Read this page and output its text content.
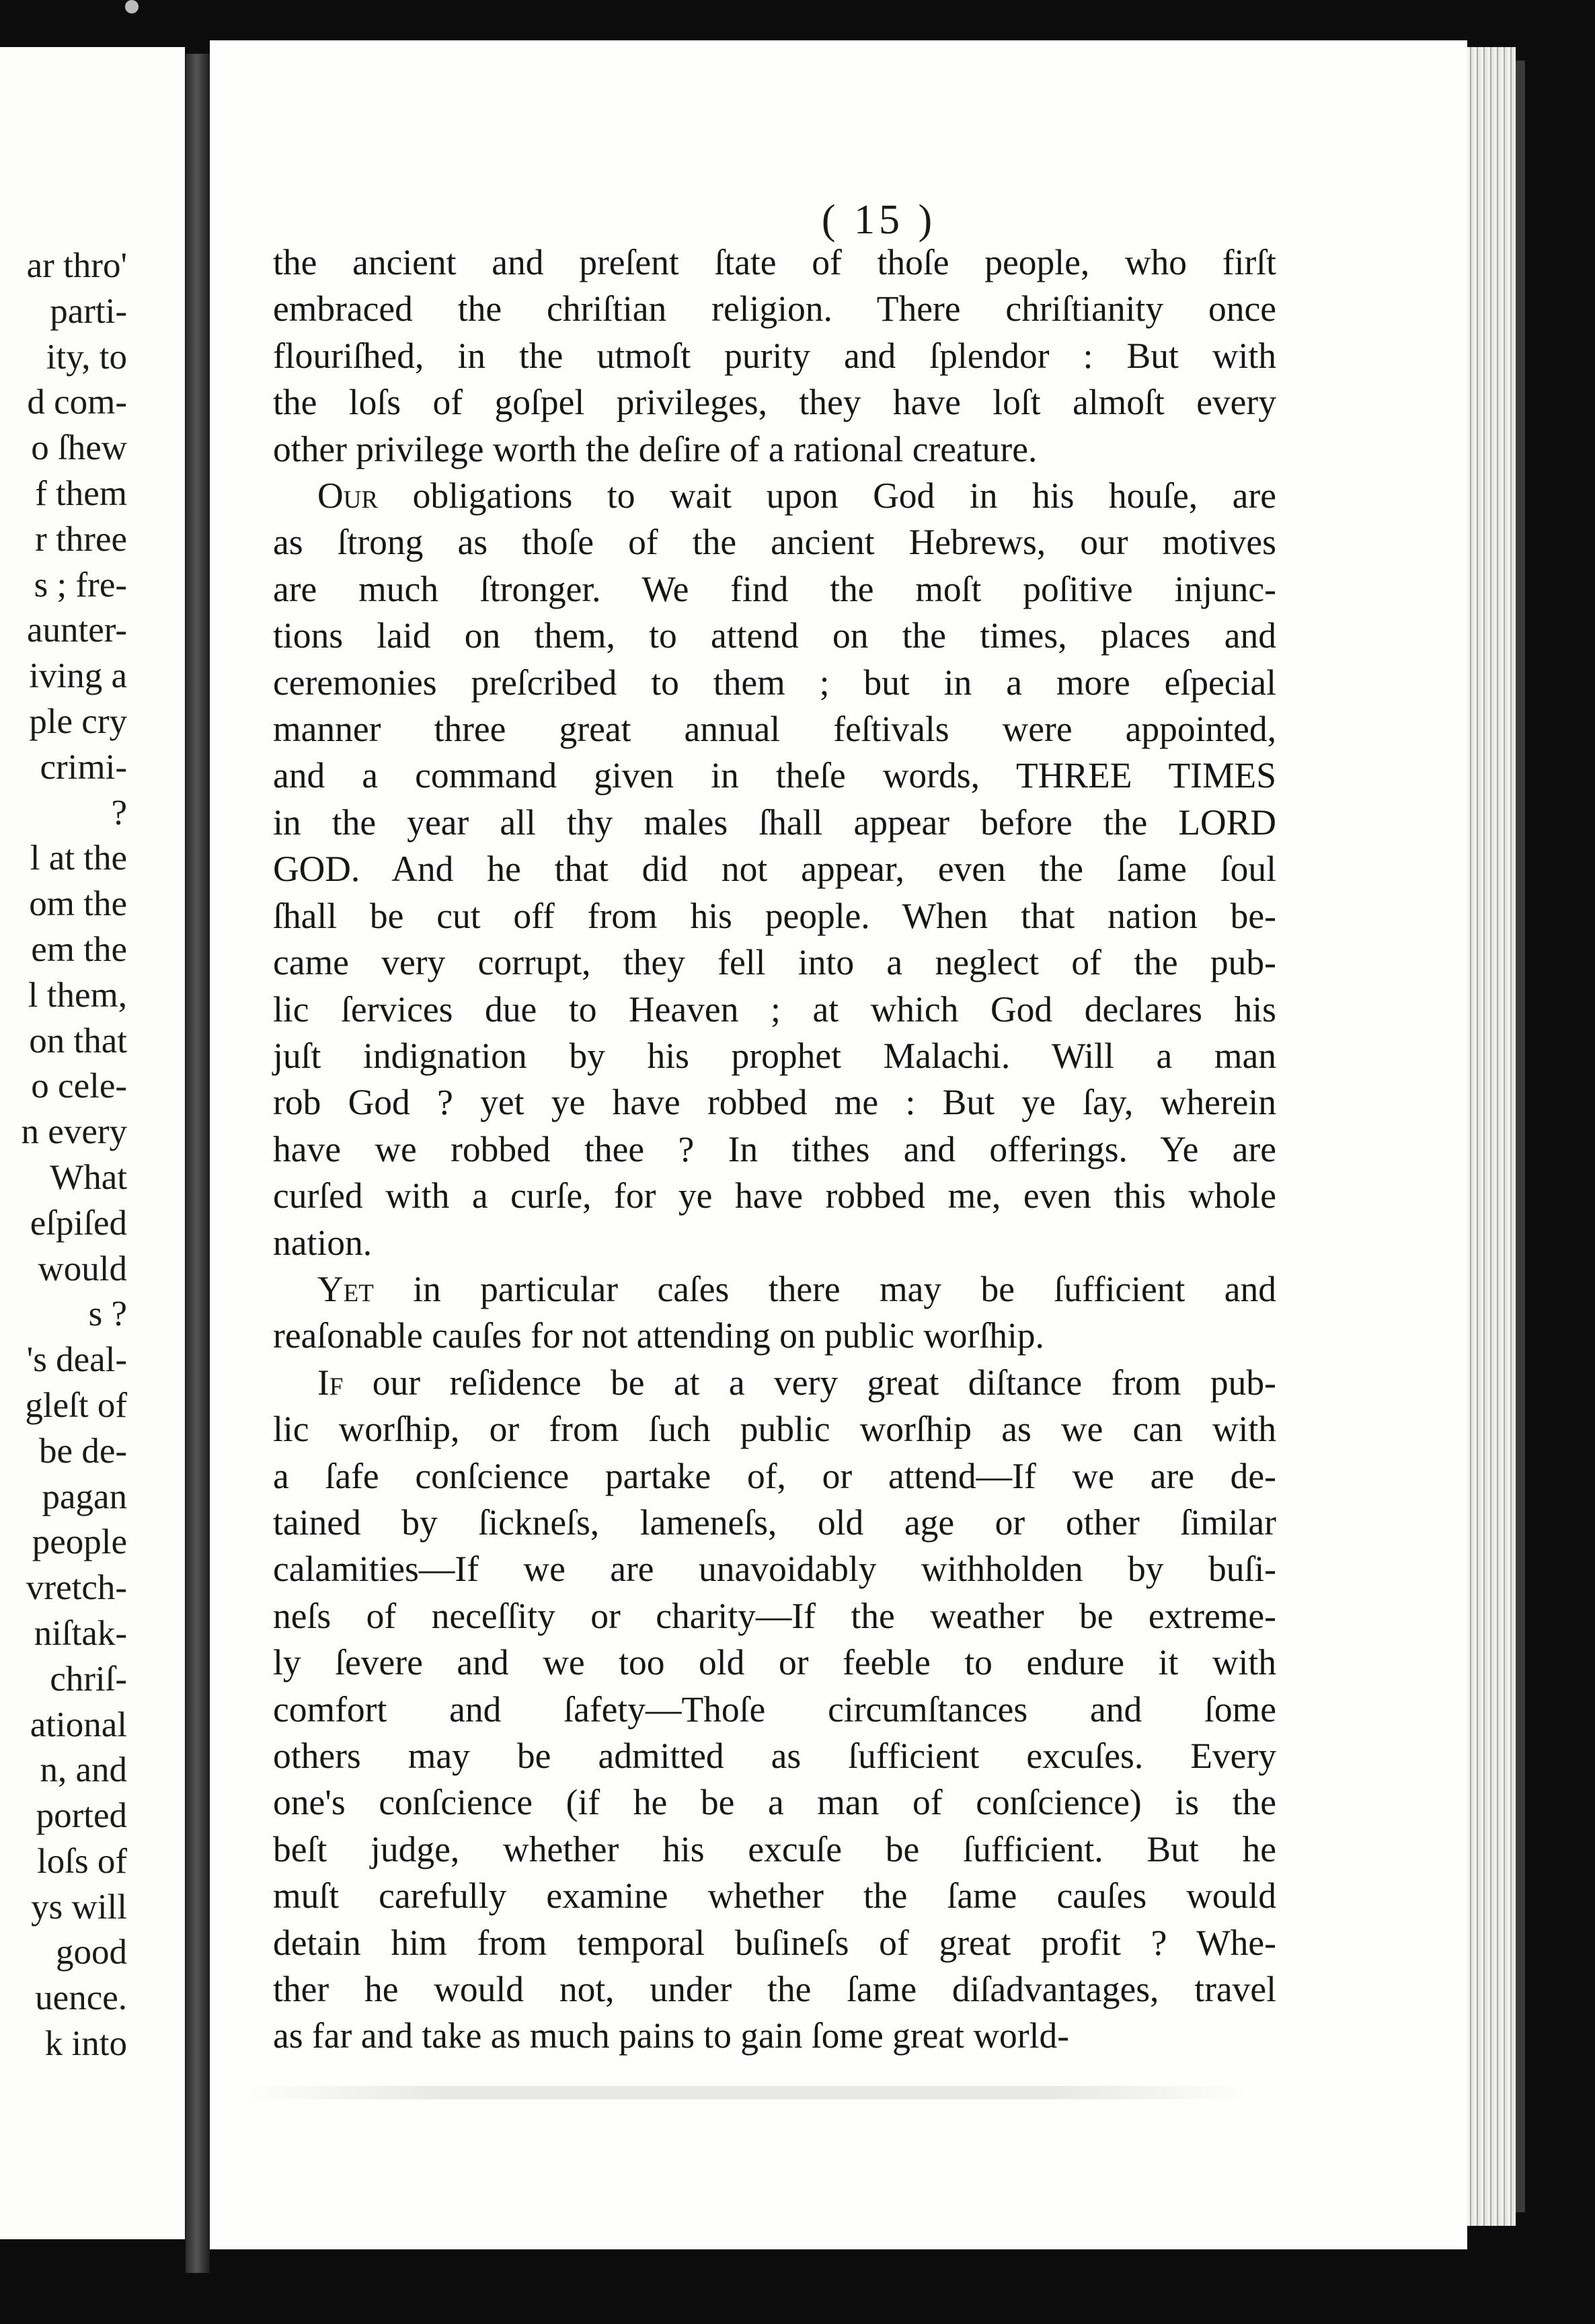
ar thro'
parti-
ity, to
d com-
o ſhew
f them
r three
s ; fre-
aunter-
iving a
ple cry
crimi-
?
l at the
om the
em the
l them,
on that
o cele-
n every
What
eſpiſed
would
s ?
's deal-
gleſt of
be de-
pagan
people
vretch-
niſtak-
chriſ-
ational
n, and
ported
loſs of
ys will
good
uence.
k into
( 15 )

the ancient and preſent ſtate of thoſe people, who firſt
embraced the chriſtian religion. There chriſtianity once
flouriſhed, in the utmoſt purity and ſplendor : But with
the loſs of goſpel privileges, they have loſt almoſt every
other privilege worth the deſire of a rational creature.

Our obligations to wait upon God in his houſe, are
as ſtrong as thoſe of the ancient Hebrews, our motives
are much ſtronger. We find the moſt poſitive injunc-
tions laid on them, to attend on the times, places and
ceremonies preſcribed to them ; but in a more eſpecial
manner three great annual feſtivals were appointed,
and a command given in theſe words, THREE TIMES
in the year all thy males ſhall appear before the LORD
GOD. And he that did not appear, even the ſame ſoul
ſhall be cut off from his people. When that nation be-
came very corrupt, they fell into a neglect of the pub-
lic ſervices due to Heaven ; at which God declares his
juſt indignation by his prophet Malachi. Will a man
rob God ? yet ye have robbed me : But ye ſay, wherein
have we robbed thee ? In tithes and offerings. Ye are
curſed with a curſe, for ye have robbed me, even this whole
nation.

Yet in particular caſes there may be ſufficient and
reaſonable cauſes for not attending on public worſhip.

If our reſidence be at a very great diſtance from pub-
lic worſhip, or from ſuch public worſhip as we can with
a ſafe conſcience partake of, or attend—If we are de-
tained by ſickneſs, lameneſs, old age or other ſimilar
calamities—If we are unavoidably withholden by buſi-
neſs of neceſſity or charity—If the weather be extreme-
ly ſevere and we too old or feeble to endure it with
comfort and ſafety—Thoſe circumſtances and ſome
others may be admitted as ſufficient excuſes. Every
one's conſcience (if he be a man of conſcience) is the
beſt judge, whether his excuſe be ſufficient. But he
muſt carefully examine whether the ſame cauſes would
detain him from temporal buſineſs of great profit ? Whe-
ther he would not, under the ſame diſadvantages, travel
as far and take as much pains to gain ſome great world-
